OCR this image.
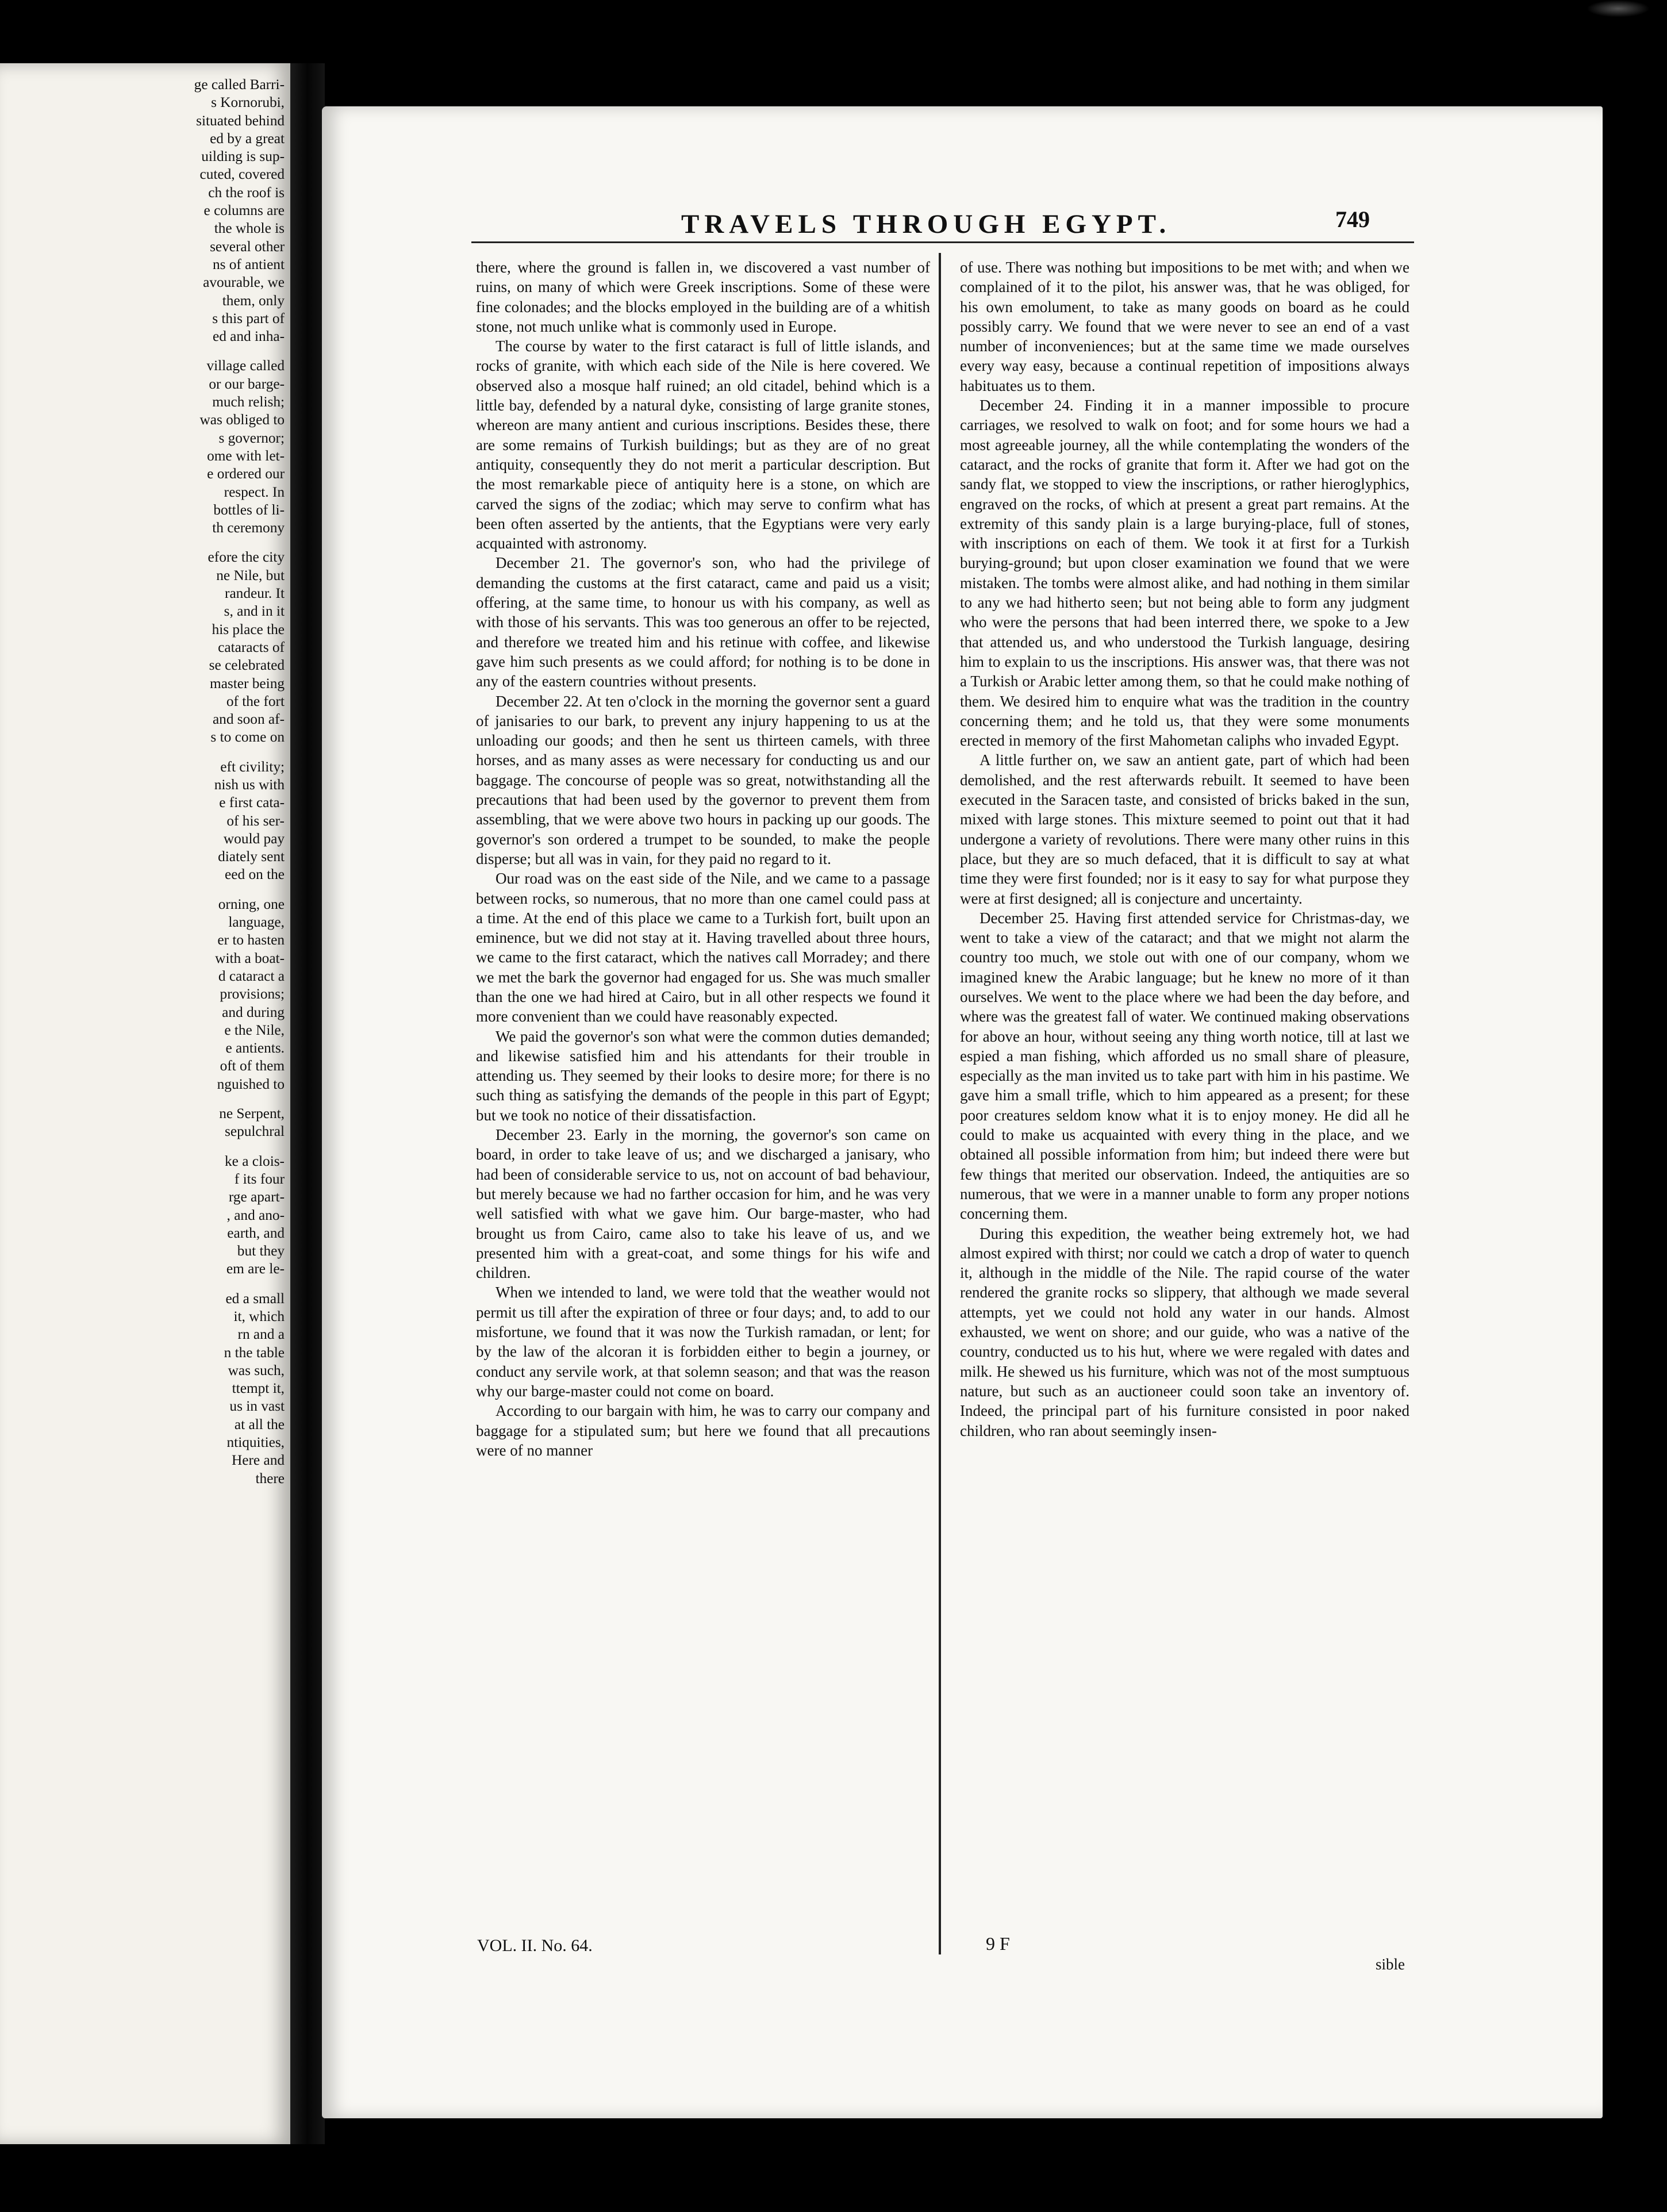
ge called Barri-
s Kornorubi,
situated behind
ed by a great
uilding is sup-
cuted, covered
ch the roof is
e columns are
the whole is
several other
ns of antient
avourable, we
them, only
s this part of
ed and inha-
village called
or our barge-
much relish;
was obliged to
s governor;
ome with let-
e ordered our
respect. In
bottles of li-
th ceremony
efore the city
ne Nile, but
randeur. It
s, and in it
his place the
cataracts of
se celebrated
master being
of the fort
and soon af-
s to come on
eft civility;
nish us with
e first cata-
of his ser-
would pay
diately sent
eed on the
orning, one
language,
er to hasten
with a boat-
d cataract a
provisions;
and during
e the Nile,
e antients.
oft of them
nguished to
ne Serpent,
sepulchral
ke a clois-
f its four
rge apart-
, and ano-
earth, and
but they
em are le-
ed a small
it, which
rn and a
n the table
was such,
ttempt it,
us in vast
at all the
ntiquities,
Here and
there
TRAVELS THROUGH EGYPT.	749

there, where the ground is fallen in, we discovered a vast number of ruins, on many of which were Greek inscriptions. Some of these were fine colonades; and the blocks employed in the building are of a whitish stone, not much unlike what is commonly used in Europe.

The course by water to the first cataract is full of little islands, and rocks of granite, with which each side of the Nile is here covered. We observed also a mosque half ruined; an old citadel, behind which is a little bay, defended by a natural dyke, consisting of large granite stones, whereon are many antient and curious inscriptions. Besides these, there are some remains of Turkish buildings; but as they are of no great antiquity, consequently they do not merit a particular description. But the most remarkable piece of antiquity here is a stone, on which are carved the signs of the zodiac; which may serve to confirm what has been often asserted by the antients, that the Egyptians were very early acquainted with astronomy.

December 21. The governor's son, who had the privilege of demanding the customs at the first cataract, came and paid us a visit; offering, at the same time, to honour us with his company, as well as with those of his servants. This was too generous an offer to be rejected, and therefore we treated him and his retinue with coffee, and likewise gave him such presents as we could afford; for nothing is to be done in any of the eastern countries without presents.

December 22. At ten o'clock in the morning the governor sent a guard of janisaries to our bark, to prevent any injury happening to us at the unloading our goods; and then he sent us thirteen camels, with three horses, and as many asses as were necessary for conducting us and our baggage. The concourse of people was so great, notwithstanding all the precautions that had been used by the governor to prevent them from assembling, that we were above two hours in packing up our goods. The governor's son ordered a trumpet to be sounded, to make the people disperse; but all was in vain, for they paid no regard to it.

Our road was on the east side of the Nile, and we came to a passage between rocks, so numerous, that no more than one camel could pass at a time. At the end of this place we came to a Turkish fort, built upon an eminence, but we did not stay at it. Having travelled about three hours, we came to the first cataract, which the natives call Morradey; and there we met the bark the governor had engaged for us. She was much smaller than the one we had hired at Cairo, but in all other respects we found it more convenient than we could have reasonably expected.

We paid the governor's son what were the common duties demanded; and likewise satisfied him and his attendants for their trouble in attending us. They seemed by their looks to desire more; for there is no such thing as satisfying the demands of the people in this part of Egypt; but we took no notice of their dissatisfaction.

December 23. Early in the morning, the governor's son came on board, in order to take leave of us; and we discharged a janisary, who had been of considerable service to us, not on account of bad behaviour, but merely because we had no farther occasion for him, and he was very well satisfied with what we gave him. Our barge-master, who had brought us from Cairo, came also to take his leave of us, and we presented him with a great-coat, and some things for his wife and children.

When we intended to land, we were told that the weather would not permit us till after the expiration of three or four days; and, to add to our misfortune, we found that it was now the Turkish ramadan, or lent; for by the law of the alcoran it is forbidden either to begin a journey, or conduct any servile work, at that solemn season; and that was the reason why our barge-master could not come on board.

According to our bargain with him, he was to carry our company and baggage for a stipulated sum; but here we found that all precautions were of no manner

of use. There was nothing but impositions to be met with; and when we complained of it to the pilot, his answer was, that he was obliged, for his own emolument, to take as many goods on board as he could possibly carry. We found that we were never to see an end of a vast number of inconveniences; but at the same time we made ourselves every way easy, because a continual repetition of impositions always habituates us to them.

December 24. Finding it in a manner impossible to procure carriages, we resolved to walk on foot; and for some hours we had a most agreeable journey, all the while contemplating the wonders of the cataract, and the rocks of granite that form it. After we had got on the sandy flat, we stopped to view the inscriptions, or rather hieroglyphics, engraved on the rocks, of which at present a great part remains. At the extremity of this sandy plain is a large burying-place, full of stones, with inscriptions on each of them. We took it at first for a Turkish burying-ground; but upon closer examination we found that we were mistaken. The tombs were almost alike, and had nothing in them similar to any we had hitherto seen; but not being able to form any judgment who were the persons that had been interred there, we spoke to a Jew that attended us, and who understood the Turkish language, desiring him to explain to us the inscriptions. His answer was, that there was not a Turkish or Arabic letter among them, so that he could make nothing of them. We desired him to enquire what was the tradition in the country concerning them; and he told us, that they were some monuments erected in memory of the first Mahometan caliphs who invaded Egypt.

A little further on, we saw an antient gate, part of which had been demolished, and the rest afterwards rebuilt. It seemed to have been executed in the Saracen taste, and consisted of bricks baked in the sun, mixed with large stones. This mixture seemed to point out that it had undergone a variety of revolutions. There were many other ruins in this place, but they are so much defaced, that it is difficult to say at what time they were first founded; nor is it easy to say for what purpose they were at first designed; all is conjecture and uncertainty.

December 25. Having first attended service for Christmas-day, we went to take a view of the cataract; and that we might not alarm the country too much, we stole out with one of our company, whom we imagined knew the Arabic language; but he knew no more of it than ourselves. We went to the place where we had been the day before, and where was the greatest fall of water. We continued making observations for above an hour, without seeing any thing worth notice, till at last we espied a man fishing, which afforded us no small share of pleasure, especially as the man invited us to take part with him in his pastime. We gave him a small trifle, which to him appeared as a present; for these poor creatures seldom know what it is to enjoy money. He did all he could to make us acquainted with every thing in the place, and we obtained all possible information from him; but indeed there were but few things that merited our observation. Indeed, the antiquities are so numerous, that we were in a manner unable to form any proper notions concerning them.

During this expedition, the weather being extremely hot, we had almost expired with thirst; nor could we catch a drop of water to quench it, although in the middle of the Nile. The rapid course of the water rendered the granite rocks so slippery, that although we made several attempts, yet we could not hold any water in our hands. Almost exhausted, we went on shore; and our guide, who was a native of the country, conducted us to his hut, where we were regaled with dates and milk. He shewed us his furniture, which was not of the most sumptuous nature, but such as an auctioneer could soon take an inventory of. Indeed, the principal part of his furniture consisted in poor naked children, who ran about seemingly insen-

VOL. II. No. 64.	9 F
sible
